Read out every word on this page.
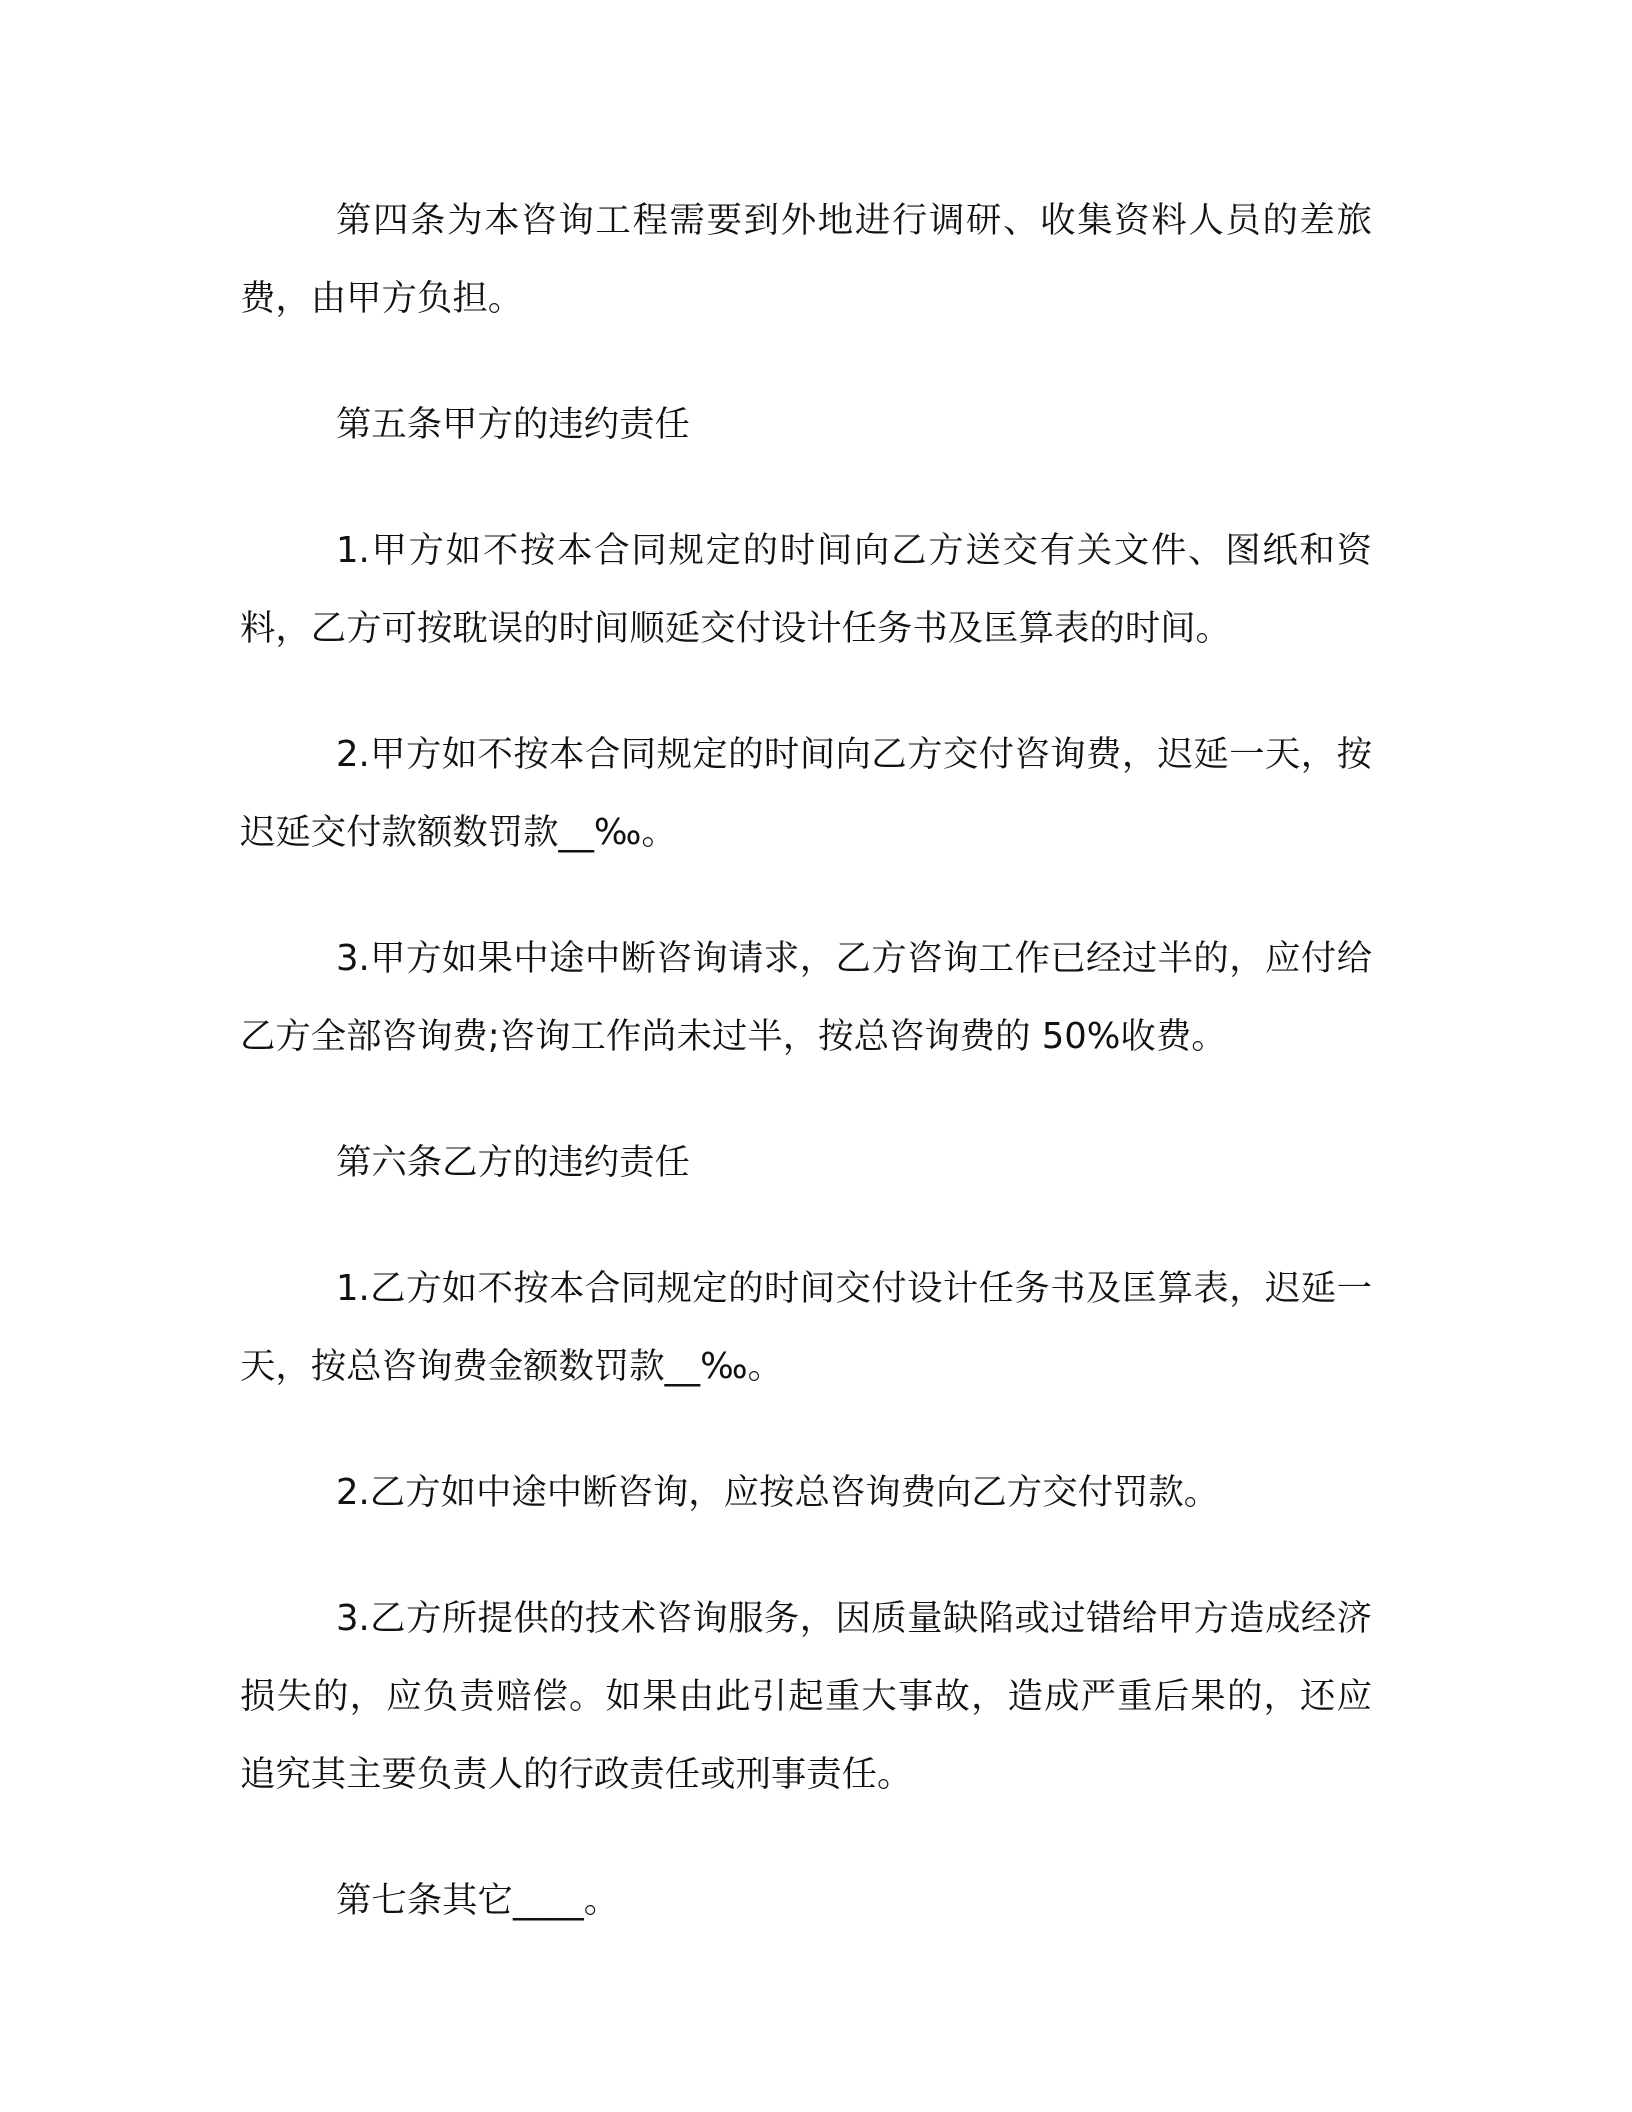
第四条为本咨询工程需要到外地进行调研、收集资料人员的差旅费，由甲方负担。

第五条甲方的违约责任

1.甲方如不按本合同规定的时间向乙方送交有关文件、图纸和资料，乙方可按耽误的时间顺延交付设计任务书及匡算表的时间。

2.甲方如不按本合同规定的时间向乙方交付咨询费，迟延一天，按迟延交付款额数罚款__‰。

3.甲方如果中途中断咨询请求，乙方咨询工作已经过半的，应付给乙方全部咨询费;咨询工作尚未过半，按总咨询费的 50%收费。

第六条乙方的违约责任

1.乙方如不按本合同规定的时间交付设计任务书及匡算表，迟延一天，按总咨询费金额数罚款__‰。

2.乙方如中途中断咨询，应按总咨询费向乙方交付罚款。

3.乙方所提供的技术咨询服务，因质量缺陷或过错给甲方造成经济损失的，应负责赔偿。如果由此引起重大事故，造成严重后果的，还应追究其主要负责人的行政责任或刑事责任。

第七条其它____。
